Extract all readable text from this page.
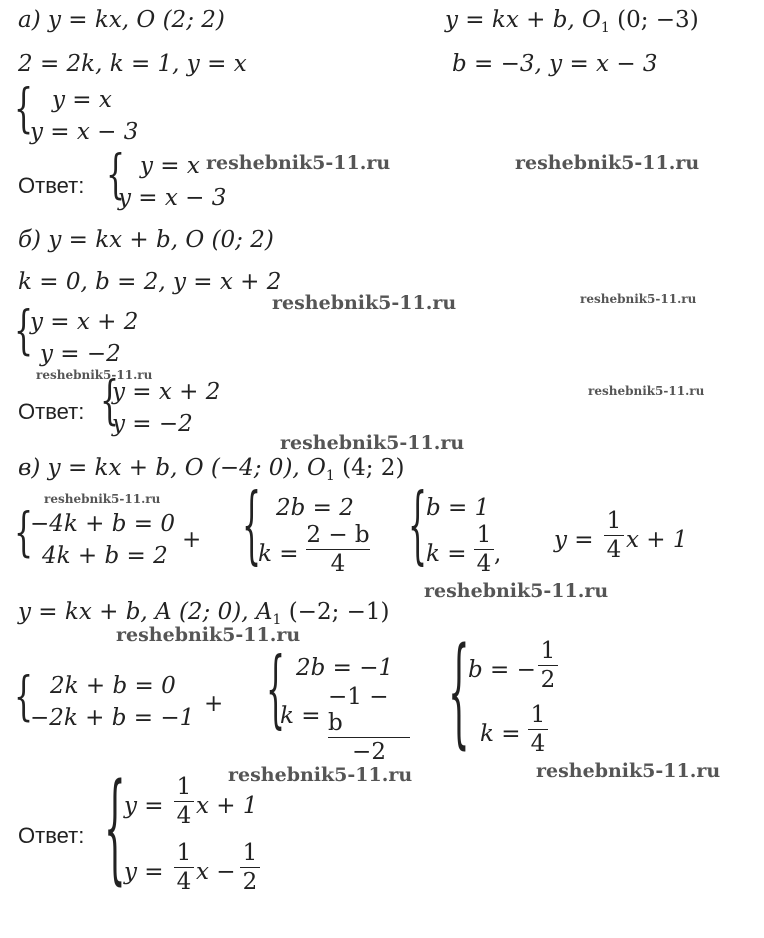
а) y = kx, O (2; 2)	y = kx + b, $O_1$ (0; −3)
2 = 2k, k = 1, y = x	b = −3, y = x − 3
{ y = x
y = x − 3
Ответ: { y = x
y = x − 3
б) y = kx + b, O (0; 2)
k = 0, b = 2, y = x + 2
{
y = x + 2
y = −2
Ответ: {
y = x + 2
y = −2
в) y = kx + b, O (−4; 0), $O_1$ (4; 2)
{
−4k + b = 0
4k + b = 2
+ { 2b = 2
k =
2 − b
4 {
b = 1
k =
1
4 ,
y =
1
4 x + 1
y = kx + b, A (2; 0), $A_1$ (−2; −1)
{ 2k + b = 0
−2k + b = −1
+ { 2b = −1
k =
−1 − b
−2 {
b = −
1
2
k =
1
4
Ответ: {
y =
1
4 x + 1
y =
1
4 x −
1
2
reshebnik5-11.ru	reshebnik5-11.ru
reshebnik5-11.ru	reshebnik5-11.ru
reshebnik5-11.ru
reshebnik5-11.ru
reshebnik5-11.ru
reshebnik5-11.ru
reshebnik5-11.ru
reshebnik5-11.ru
reshebnik5-11.ru	reshebnik5-11.ru
